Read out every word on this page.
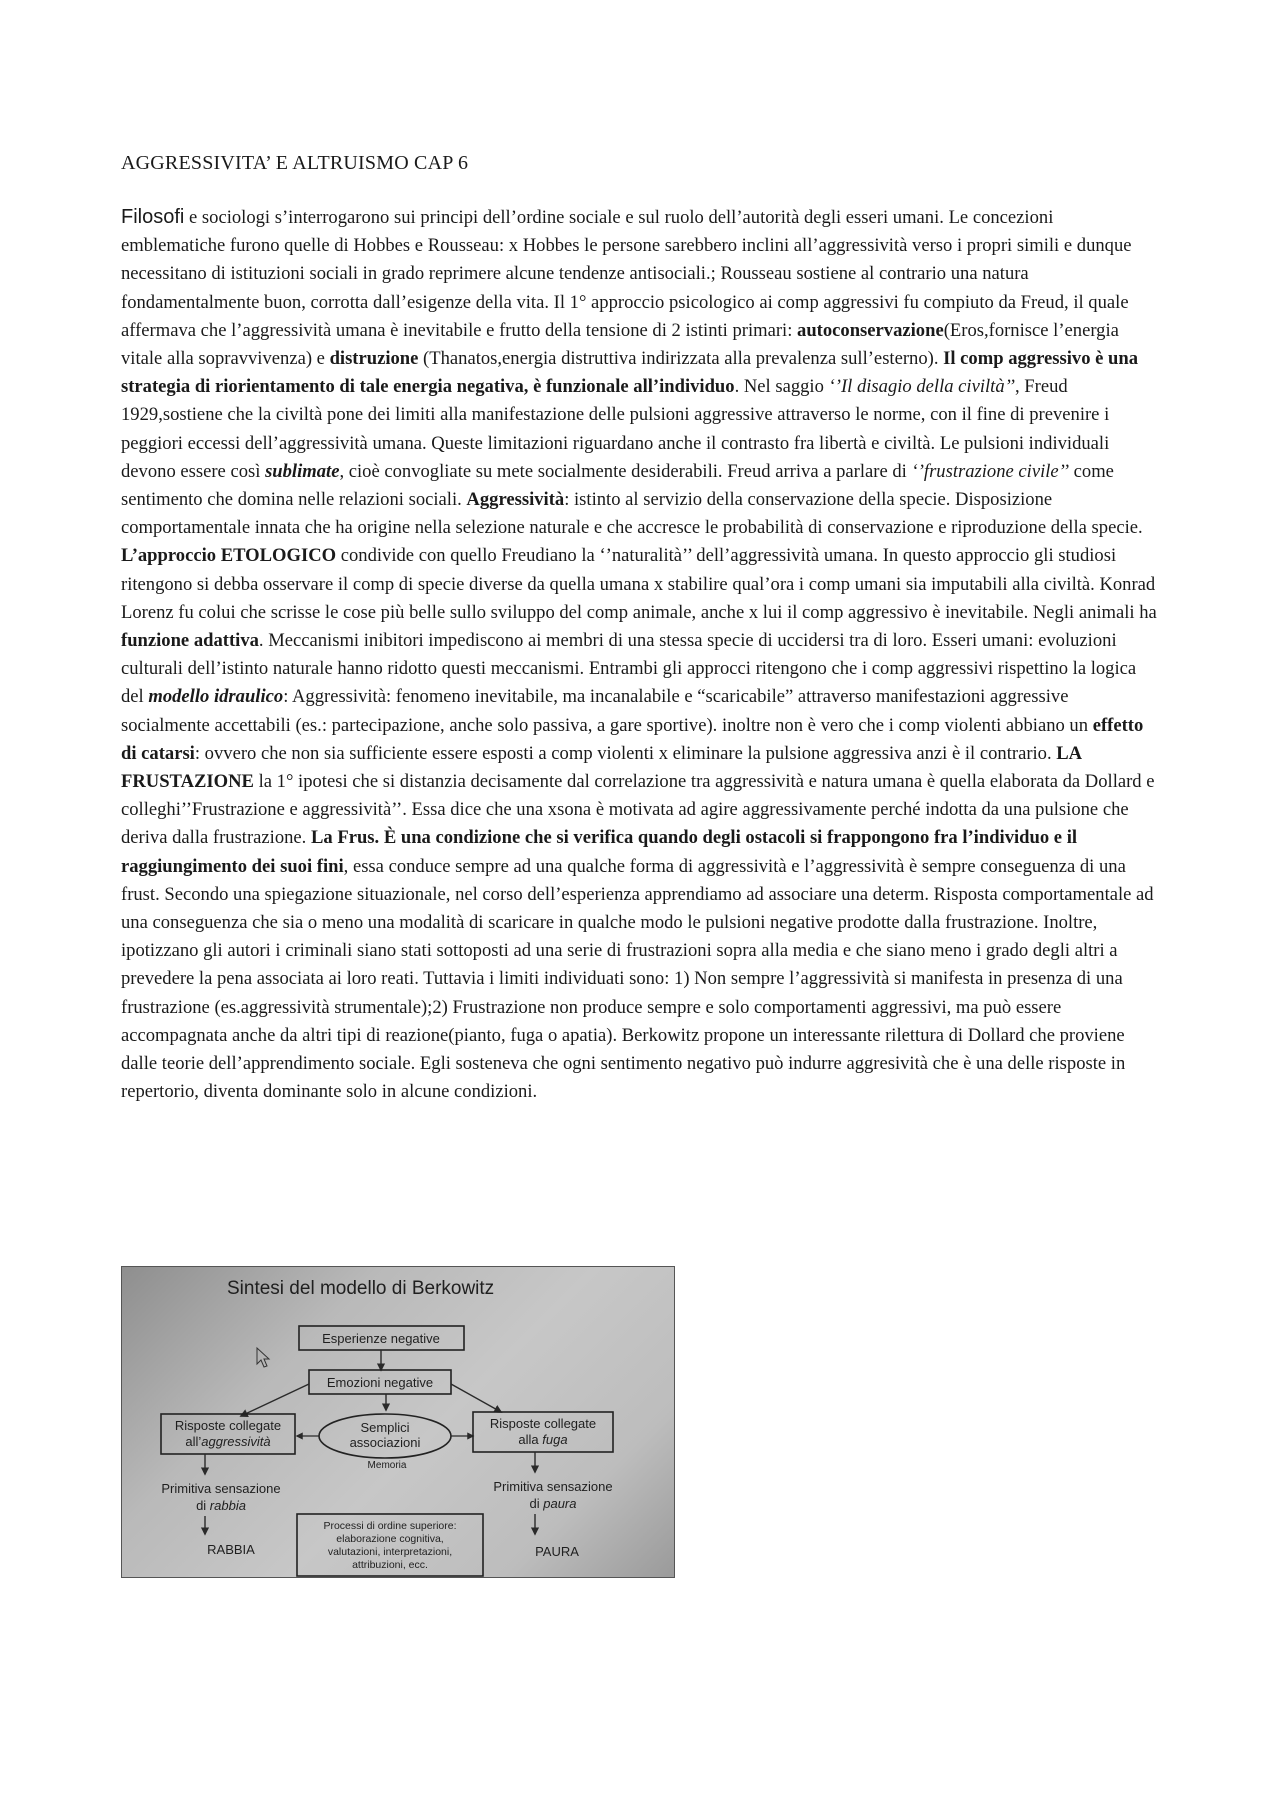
AGGRESSIVITA’ E ALTRUISMO CAP 6

Filosofi e sociologi s’interrogarono sui principi dell’ordine sociale e sul ruolo dell’autorità degli esseri umani. Le concezioni emblematiche furono quelle di Hobbes e Rousseau: x Hobbes le persone sarebbero inclini all’aggressività verso i propri simili e dunque necessitano di istituzioni sociali in grado reprimere alcune tendenze antisociali.; Rousseau sostiene al contrario una natura fondamentalmente buon, corrotta dall’esigenze della vita. Il 1° approccio psicologico ai comp aggressivi fu compiuto da Freud, il quale affermava che l’aggressività umana è inevitabile e frutto della tensione di 2 istinti primari: autoconservazione(Eros,fornisce l’energia vitale alla sopravvivenza) e distruzione (Thanatos,energia distruttiva indirizzata alla prevalenza sull’esterno). Il comp aggressivo è una strategia di riorientamento di tale energia negativa, è funzionale all’individuo. Nel saggio ‘’Il disagio della civiltà’’, Freud 1929,sostiene che la civiltà pone dei limiti alla manifestazione delle pulsioni aggressive attraverso le norme, con il fine di prevenire i peggiori eccessi dell’aggressività umana. Queste limitazioni riguardano anche il contrasto fra libertà e civiltà. Le pulsioni individuali devono essere così sublimate, cioè convogliate su mete socialmente desiderabili. Freud arriva a parlare di ‘’frustrazione civile’’ come sentimento che domina nelle relazioni sociali. Aggressività: istinto al servizio della conservazione della specie. Disposizione comportamentale innata che ha origine nella selezione naturale e che accresce le probabilità di conservazione e riproduzione della specie. L’approccio ETOLOGICO condivide con quello Freudiano la ‘’naturalità’’ dell’aggressività umana. In questo approccio gli studiosi ritengono si debba osservare il comp di specie diverse da quella umana x stabilire qual’ora i comp umani sia imputabili alla civiltà. Konrad Lorenz fu colui che scrisse le cose più belle sullo sviluppo del comp animale, anche x lui il comp aggressivo è inevitabile. Negli animali ha funzione adattiva. Meccanismi inibitori impediscono ai membri di una stessa specie di uccidersi tra di loro. Esseri umani: evoluzioni culturali dell’istinto naturale hanno ridotto questi meccanismi. Entrambi gli approcci ritengono che i comp aggressivi rispettino la logica del modello idraulico: Aggressività: fenomeno inevitabile, ma incanalabile e “scaricabile” attraverso manifestazioni aggressive socialmente accettabili (es.: partecipazione, anche solo passiva, a gare sportive). inoltre non è vero che i comp violenti abbiano un effetto di catarsi: ovvero che non sia sufficiente essere esposti a comp violenti x eliminare la pulsione aggressiva anzi è il contrario. LA FRUSTAZIONE la 1° ipotesi che si distanzia decisamente dal correlazione tra aggressività e natura umana è quella elaborata da Dollard e colleghi’’Frustrazione e aggressività’’. Essa dice che una xsona è motivata ad agire aggressivamente perché indotta da una pulsione che deriva dalla frustrazione. La Frus. È una condizione che si verifica quando degli ostacoli si frappongono fra l’individuo e il raggiungimento dei suoi fini, essa conduce sempre ad una qualche forma di aggressività e l’aggressività è sempre conseguenza di una frust. Secondo una spiegazione situazionale, nel corso dell’esperienza apprendiamo ad associare una determ. Risposta comportamentale ad una conseguenza che sia o meno una modalità di scaricare in qualche modo le pulsioni negative prodotte dalla frustrazione. Inoltre, ipotizzano gli autori i criminali siano stati sottoposti ad una serie di frustrazioni sopra alla media e che siano meno i grado degli altri a prevedere la pena associata ai loro reati. Tuttavia i limiti individuati sono: 1) Non sempre l’aggressività si manifesta in presenza di una frustrazione (es.aggressività strumentale);2) Frustrazione non produce sempre e solo comportamenti aggressivi, ma può essere accompagnata anche da altri tipi di reazione(pianto, fuga o apatia). Berkowitz propone un interessante rilettura di Dollard che proviene dalle teorie dell’apprendimento sociale. Egli sosteneva che ogni sentimento negativo può indurre aggresività che è una delle risposte in repertorio, diventa dominante solo in alcune condizioni.

Sintesi del modello di Berkowitz
Esperienze negative
Emozioni negative
Risposte collegate
all’aggressività
Semplici
associazioni
Memoria
Risposte collegate
alla fuga
Primitiva sensazione
di rabbia
Primitiva sensazione
di paura
RABBIA	PAURA
Processi di ordine superiore:
elaborazione cognitiva,
valutazioni, interpretazioni,
attribuzioni, ecc.
